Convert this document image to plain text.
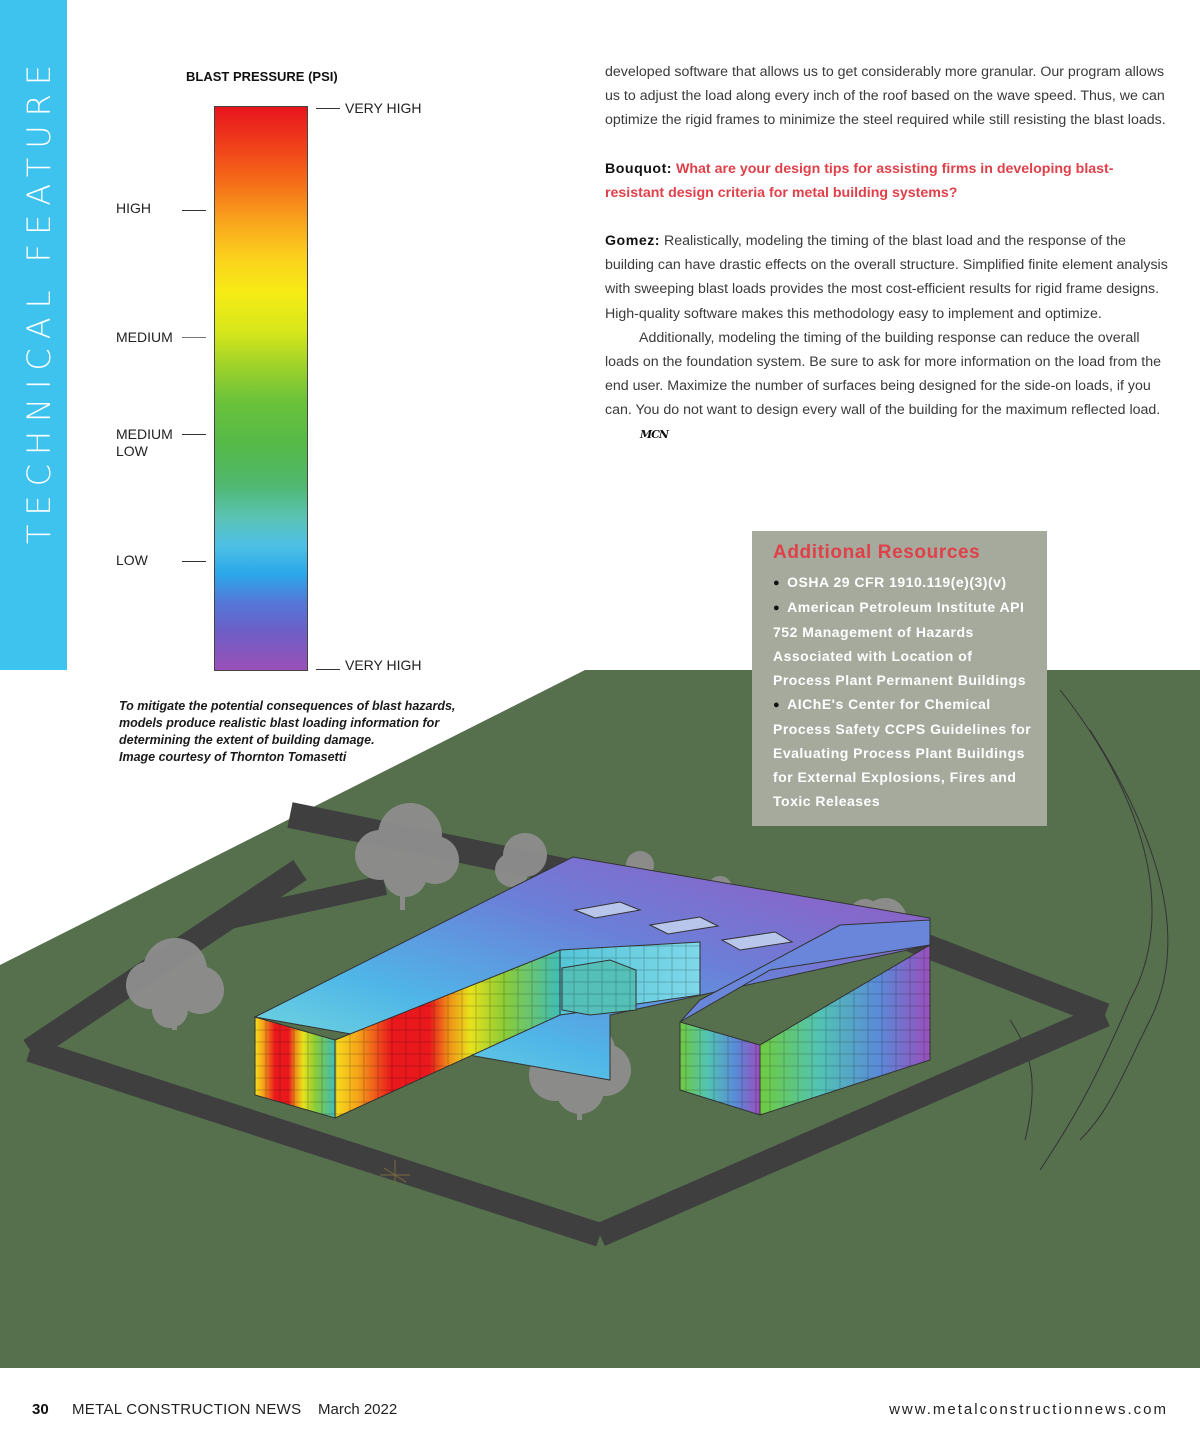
TECHNICAL FEATURE	BLAST PRESSURE (PSI)
VERY HIGH
HIGH
MEDIUM
MEDIUM
LOW
LOW
VERY HIGH
To mitigate the potential consequences of blast hazards,
models produce realistic blast loading information for
determining the extent of building damage.
Image courtesy of Thornton Tomasetti

developed software that allows us to get considerably more granular. Our program allows us to adjust the load along every inch of the roof based on the wave speed. Thus, we can optimize the rigid frames to minimize the steel required while still resisting the blast loads.

Bouquot: What are your design tips for assisting firms in developing blast-resistant design criteria for metal building systems?

Gomez: Realistically, modeling the timing of the blast load and the response of the building can have drastic effects on the overall structure. Simplified finite element analysis with sweeping blast loads provides the most cost-efficient results for rigid frame designs. High-quality software makes this methodology easy to implement and optimize.

Additionally, modeling the timing of the building response can reduce the overall loads on the foundation system. Be sure to ask for more information on the load from the end user. Maximize the number of surfaces being designed for the side-on loads, if you can. You do not want to design every wall of the building for the maximum reflected load.MCN

Additional Resources
● OSHA 29 CFR 1910.119(e)(3)(v)
● American Petroleum Institute API 752 Management of Hazards Associated with Location of Process Plant Permanent Buildings
● AIChE's Center for Chemical Process Safety CCPS Guidelines for Evaluating Process Plant Buildings for External Explosions, Fires and Toxic Releases
30 METAL CONSTRUCTION NEWS March 2022	www.metalconstructionnews.com
